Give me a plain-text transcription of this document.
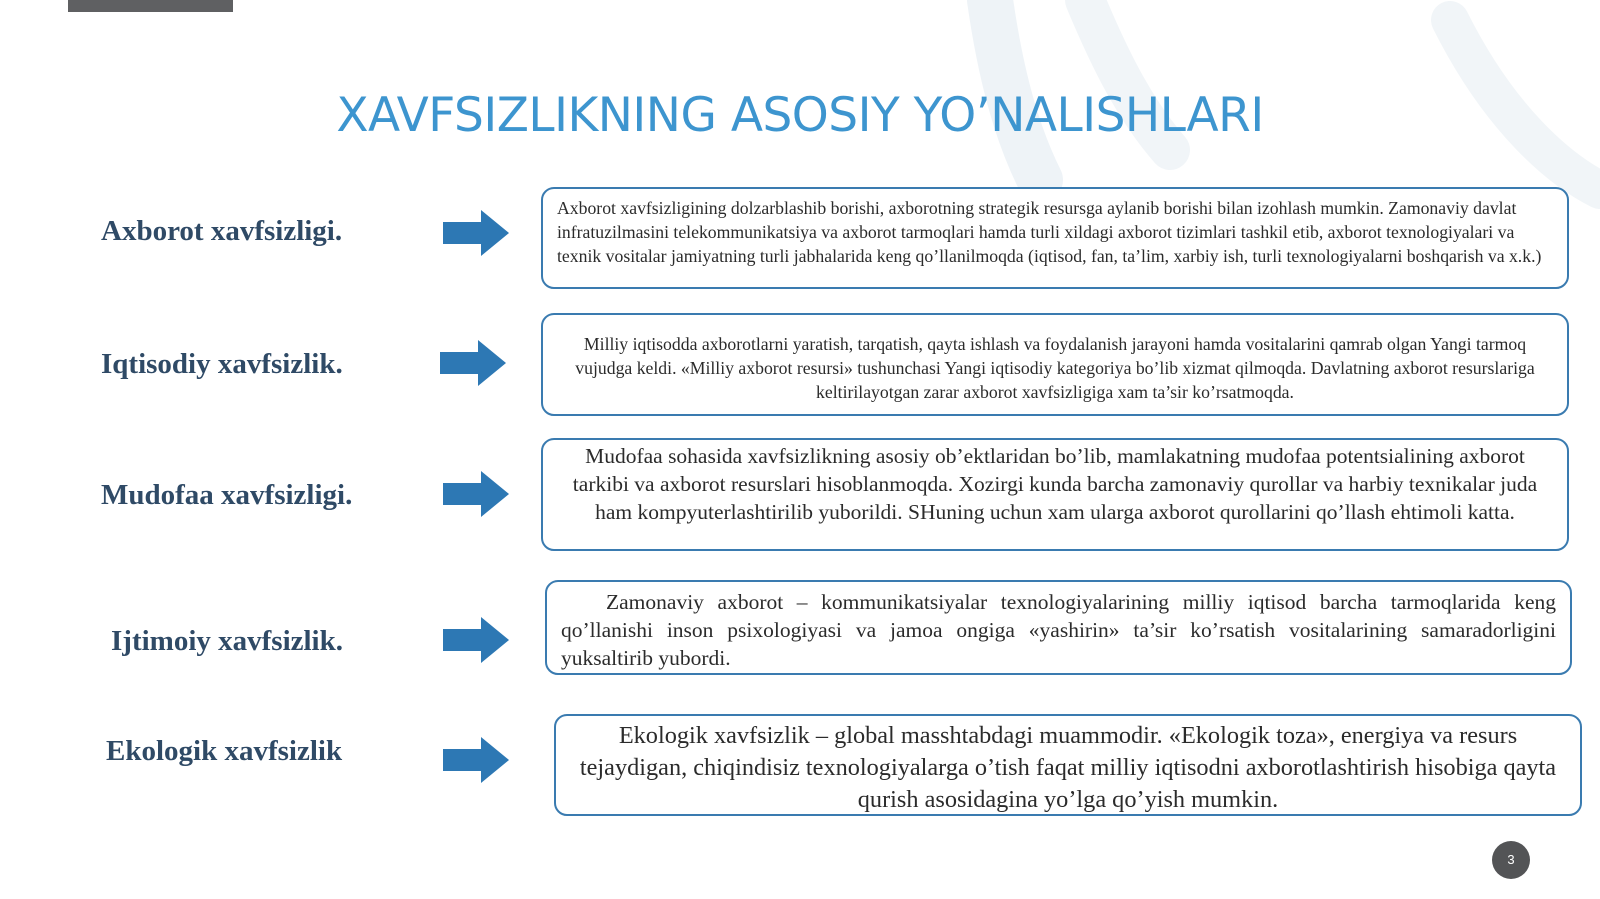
XAVFSIZLIKNING ASOSIY YO’NALISHLARI
Axborot xavfsizligi.

Axborot xavfsizligining dolzarblashib borishi, axborotning strategik resursga aylanib borishi bilan izohlash mumkin. Zamonaviy davlat infratuzilmasini telekommunikatsiya va axborot tarmoqlari hamda turli xildagi axborot tizimlari tashkil etib, axborot texnologiyalari va texnik vositalar jamiyatning turli jabhalarida keng qo’llanilmoqda (iqtisod, fan, ta’lim, xarbiy ish, turli texnologiyalarni boshqarish va x.k.)

Iqtisodiy xavfsizlik.

Milliy iqtisodda axborotlarni yaratish, tarqatish, qayta ishlash va foydalanish jarayoni hamda vositalarini qamrab olgan Yangi tarmoq vujudga keldi. «Milliy axborot resursi» tushunchasi Yangi iqtisodiy kategoriya bo’lib xizmat qilmoqda. Davlatning axborot resurslariga keltirilayotgan zarar axborot xavfsizligiga xam ta’sir ko’rsatmoqda.

Mudofaa xavfsizligi.

Mudofaa sohasida xavfsizlikning asosiy ob’ektlaridan bo’lib, mamlakatning mudofaa potentsialining axborot tarkibi va axborot resurslari hisoblanmoqda. Xozirgi kunda barcha zamonaviy qurollar va harbiy texnikalar juda ham kompyuterlashtirilib yuborildi. SHuning uchun xam ularga axborot qurollarini qo’llash ehtimoli katta.

Ijtimoiy xavfsizlik.

Zamonaviy axborot – kommunikatsiyalar texnologiyalarining milliy iqtisod barcha tarmoqlarida keng qo’llanishi inson psixologiyasi va jamoa ongiga «yashirin» ta’sir ko’rsatish vositalarining samaradorligini yuksaltirib yubordi.

Ekologik xavfsizlik	Ekologik xavfsizlik – global masshtabdagi muammodir. «Ekologik toza», energiya va resurs tejaydigan, chiqindisiz texnologiyalarga o’tish faqat milliy iqtisodni axborotlashtirish hisobiga qayta qurish asosidagina yo’lga qo’yish mumkin.

3
